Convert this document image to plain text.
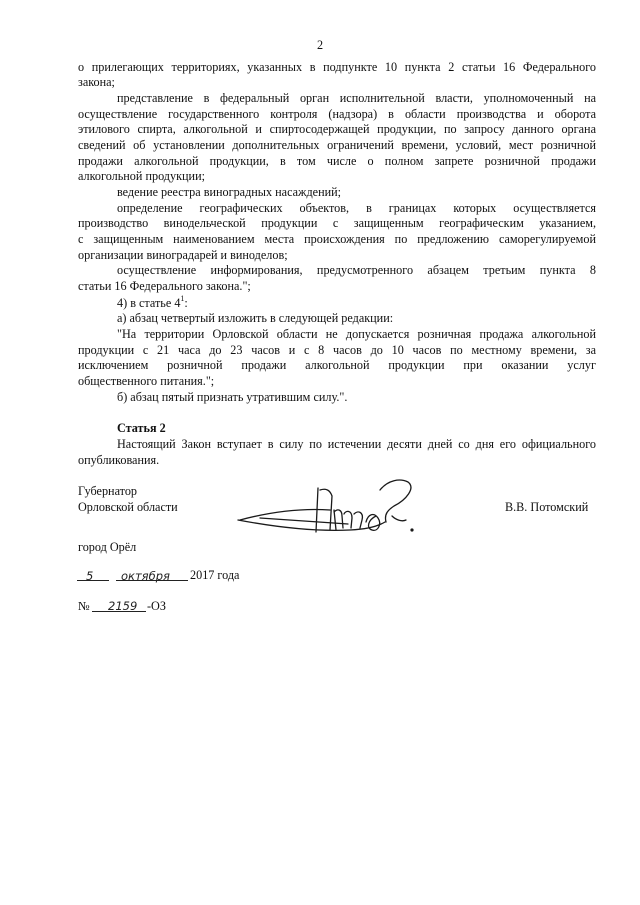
2
о прилегающих территориях, указанных в подпункте 10 пункта 2 статьи 16 Федерального
закона;
представление в федеральный орган исполнительной власти, уполномоченный на
осуществление государственного контроля (надзора) в области производства и оборота
этилового спирта, алкогольной и спиртосодержащей продукции, по запросу данного органа
сведений об установлении дополнительных ограничений времени, условий, мест розничной
продажи алкогольной продукции, в том числе о полном запрете розничной продажи
алкогольной продукции;
ведение реестра виноградных насаждений;
определение географических объектов, в границах которых осуществляется
производство винодельческой продукции с защищенным географическим указанием,
с защищенным наименованием места происхождения по предложению саморегулируемой
организации виноградарей и виноделов;
осуществление информирования, предусмотренного абзацем третьим пункта 8
статьи 16 Федерального закона.";
4) в статье $4^1$:
а) абзац четвертый изложить в следующей редакции:
"На территории Орловской области не допускается розничная продажа алкогольной
продукции с 21 часа до 23 часов и с 8 часов до 10 часов по местному времени, за
исключением розничной продажи алкогольной продукции при оказании услуг
общественного питания.";
б) абзац пятый признать утратившим силу.".
Статья 2
Настоящий Закон вступает в силу по истечении десяти дней со дня его официального
опубликования.
Губернатор
Орловской области	В.В. Потомский
город Орёл
5 октября 2017 года
№ 2159 -ОЗ
